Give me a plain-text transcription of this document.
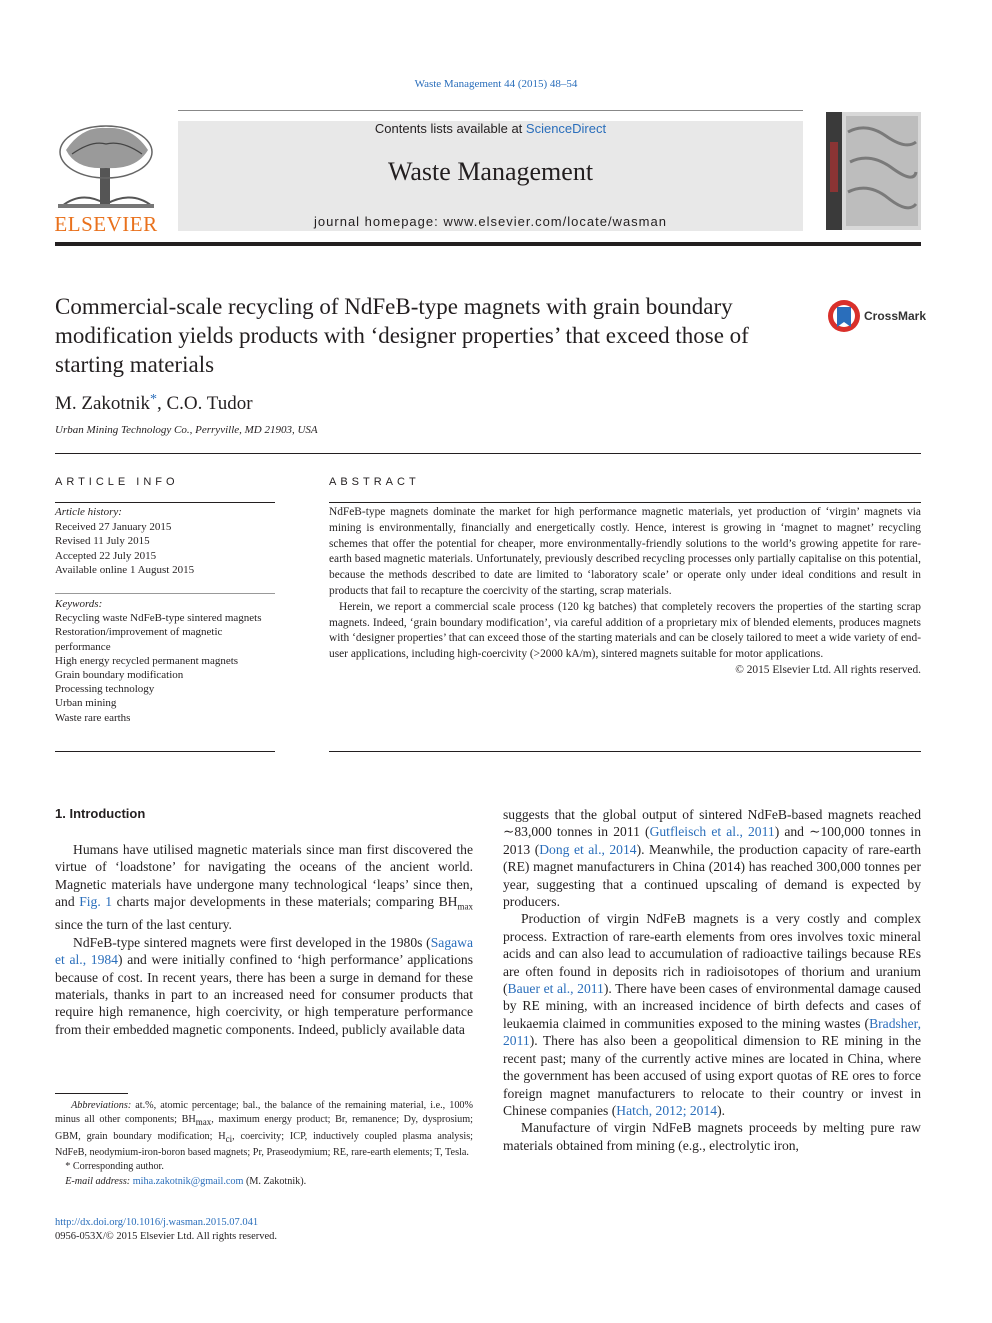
Waste Management 44 (2015) 48–54
ELSEVIER
Contents lists available at ScienceDirect
Waste Management
journal homepage: www.elsevier.com/locate/wasman
Commercial-scale recycling of NdFeB-type magnets with grain boundary modification yields products with ‘designer properties’ that exceed those of starting materials
CrossMark
M. Zakotnik*, C.O. Tudor
Urban Mining Technology Co., Perryville, MD 21903, USA
ARTICLE INFO	ABSTRACT
Article history:
Received 27 January 2015
Revised 11 July 2015
Accepted 22 July 2015
Available online 1 August 2015
Keywords:
Recycling waste NdFeB-type sintered magnets
Restoration/improvement of magnetic performance
High energy recycled permanent magnets
Grain boundary modification
Processing technology
Urban mining
Waste rare earths

NdFeB-type magnets dominate the market for high performance magnetic materials, yet production of ‘virgin’ magnets via mining is environmentally, financially and energetically costly. Hence, interest is growing in ‘magnet to magnet’ recycling schemes that offer the potential for cheaper, more environmentally-friendly solutions to the world’s growing appetite for rare-earth based magnetic materials. Unfortunately, previously described recycling processes only partially capitalise on this potential, because the methods described to date are limited to ‘laboratory scale’ or operate only under ideal conditions and result in products that fail to recapture the coercivity of the starting, scrap materials.

Herein, we report a commercial scale process (120 kg batches) that completely recovers the properties of the starting scrap magnets. Indeed, ‘grain boundary modification’, via careful addition of a proprietary mix of blended elements, produces magnets with ‘designer properties’ that can exceed those of the starting materials and can be closely tailored to meet a wide variety of end-user applications, including high-coercivity (>2000 kA/m), sintered magnets suitable for motor applications.

© 2015 Elsevier Ltd. All rights reserved.
1. Introduction

Humans have utilised magnetic materials since man first discovered the virtue of ‘loadstone’ for navigating the oceans of the ancient world. Magnetic materials have undergone many technological ‘leaps’ since then, and Fig. 1 charts major developments in these materials; comparing $BH_{max}$ since the turn of the last century.

NdFeB-type sintered magnets were first developed in the 1980s (Sagawa et al., 1984) and were initially confined to ‘high performance’ applications because of cost. In recent years, there has been a surge in demand for these materials, thanks in part to an increased need for consumer products that require high remanence, high coercivity, or high temperature performance from their embedded magnetic components. Indeed, publicly available data

suggests that the global output of sintered NdFeB-based magnets reached ∼83,000 tonnes in 2011 (Gutfleisch et al., 2011) and ∼100,000 tonnes in 2013 (Dong et al., 2014). Meanwhile, the production capacity of rare-earth (RE) magnet manufacturers in China (2014) has reached 300,000 tonnes per year, suggesting that a continued upscaling of demand is expected by producers.

Production of virgin NdFeB magnets is a very costly and complex process. Extraction of rare-earth elements from ores involves toxic mineral acids and can also lead to accumulation of radioactive tailings because REs are often found in deposits rich in radioisotopes of thorium and uranium (Bauer et al., 2011). There have been cases of environmental damage caused by RE mining, with an increased incidence of birth defects and cases of leukaemia claimed in communities exposed to the mining wastes (Bradsher, 2011). There has also been a geopolitical dimension to RE mining in the recent past; many of the currently active mines are located in China, where the government has been accused of using export quotas of RE ores to force foreign magnet manufacturers to relocate to their country or invest in Chinese companies (Hatch, 2012; 2014).

Manufacture of virgin NdFeB magnets proceeds by melting pure raw materials obtained from mining (e.g., electrolytic iron,

Abbreviations: at.%, atomic percentage; bal., the balance of the remaining material, i.e., 100% minus all other components; $BH_{max}$, maximum energy product; Br, remanence; Dy, dysprosium; GBM, grain boundary modification; $H_{ci}$, coercivity; ICP, inductively coupled plasma analysis; NdFeB, neodymium-iron-boron based magnets; Pr, Praseodymium; RE, rare-earth elements; T, Tesla.

* Corresponding author.

E-mail address: miha.zakotnik@gmail.com (M. Zakotnik).

http://dx.doi.org/10.1016/j.wasman.2015.07.041
0956-053X/© 2015 Elsevier Ltd. All rights reserved.
